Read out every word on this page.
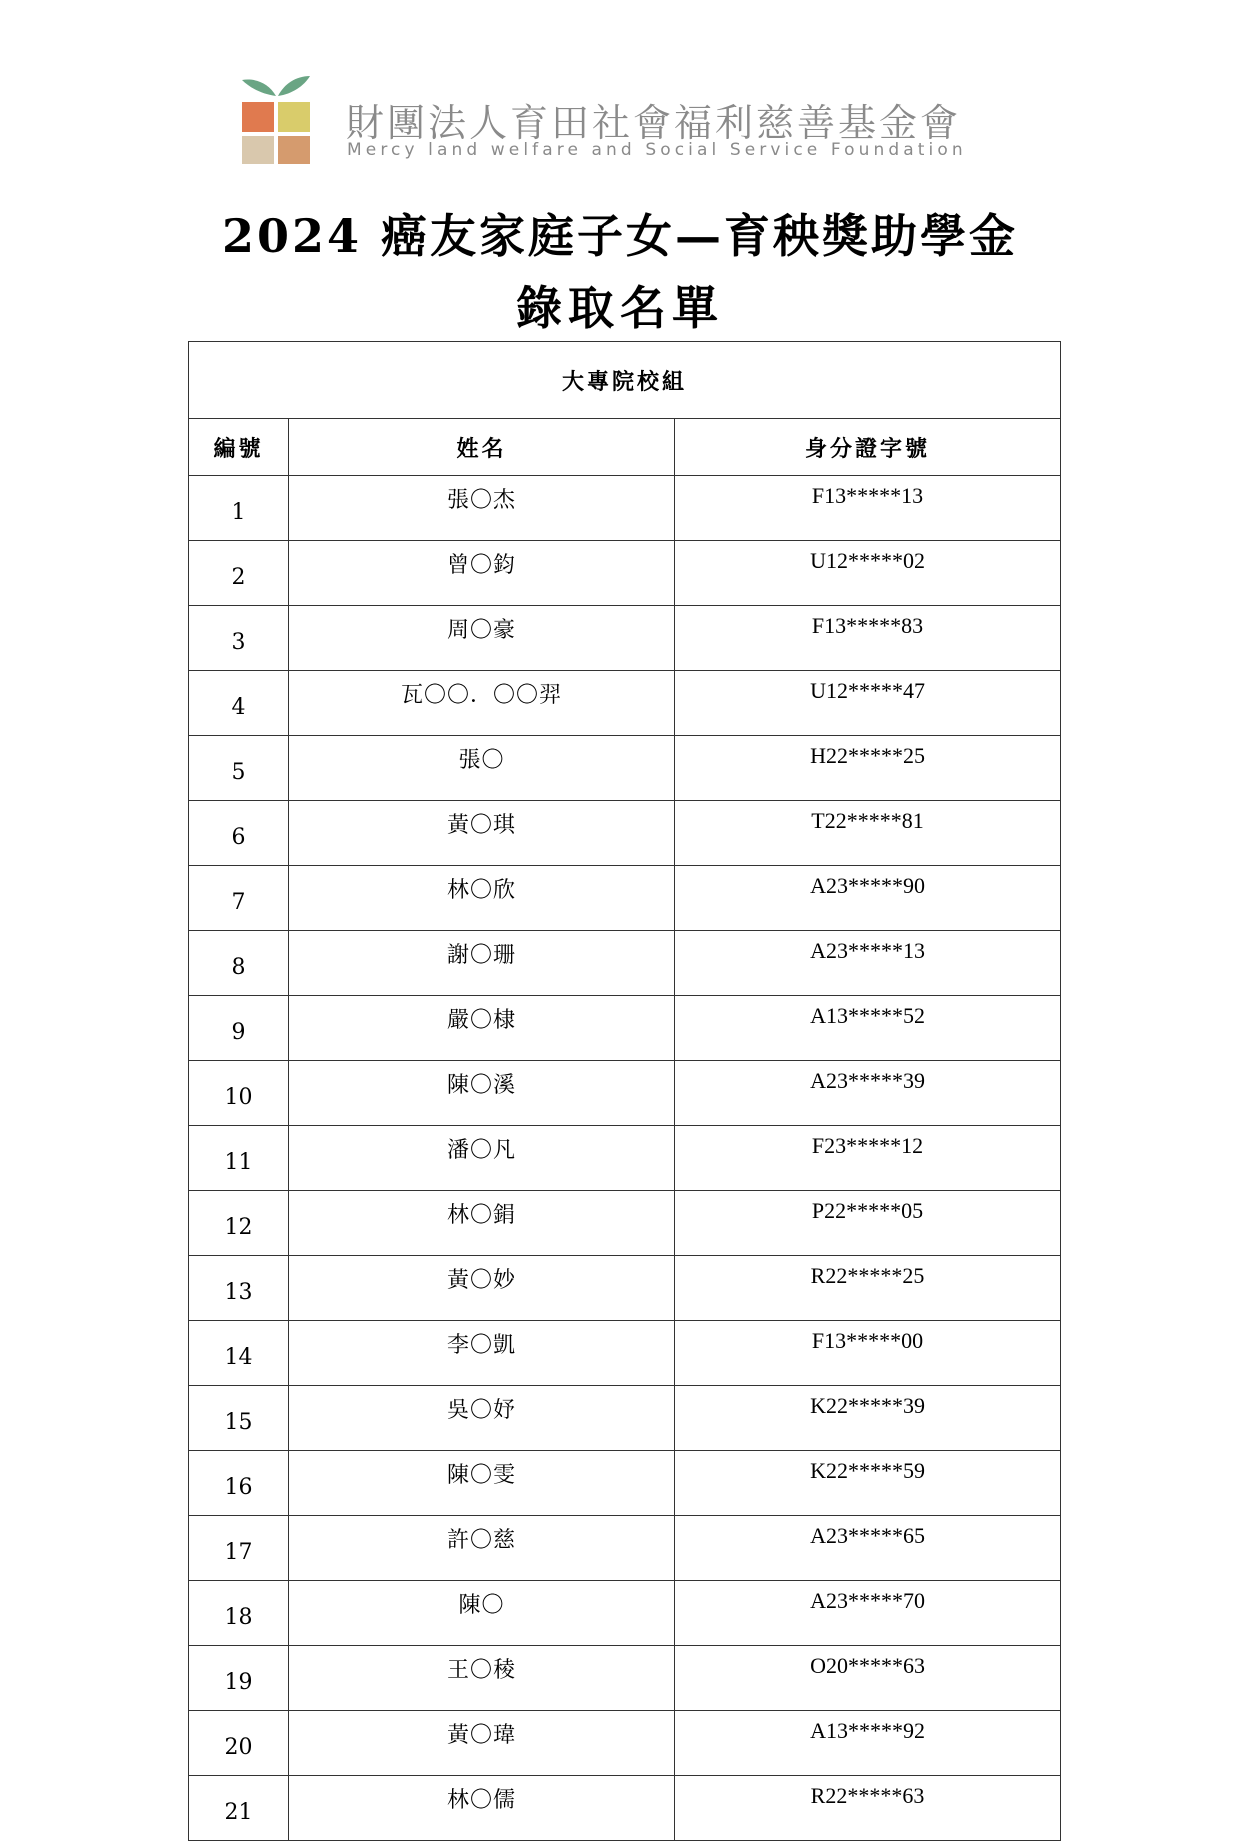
財團法人育田社會福利慈善基金會
Mercy land welfare and Social Service Foundation
2024 癌友家庭子女—育秧獎助學金
錄取名單
大專院校組		
編號	姓名	身分證字號
1	張〇杰	F13*****13
2	曾〇鈞	U12*****02
3	周〇豪	F13*****83
4	瓦〇〇．〇〇羿	U12*****47
5	張〇	H22*****25
6	黃〇琪	T22*****81
7	林〇欣	A23*****90
8	謝〇珊	A23*****13
9	嚴〇棣	A13*****52
10	陳〇溪	A23*****39
11	潘〇凡	F23*****12
12	林〇鋗	P22*****05
13	黃〇妙	R22*****25
14	李〇凱	F13*****00
15	吳〇妤	K22*****39
16	陳〇雯	K22*****59
17	許〇慈	A23*****65
18	陳〇	A23*****70
19	王〇稜	O20*****63
20	黃〇瑋	A13*****92
21	林〇儒	R22*****63
